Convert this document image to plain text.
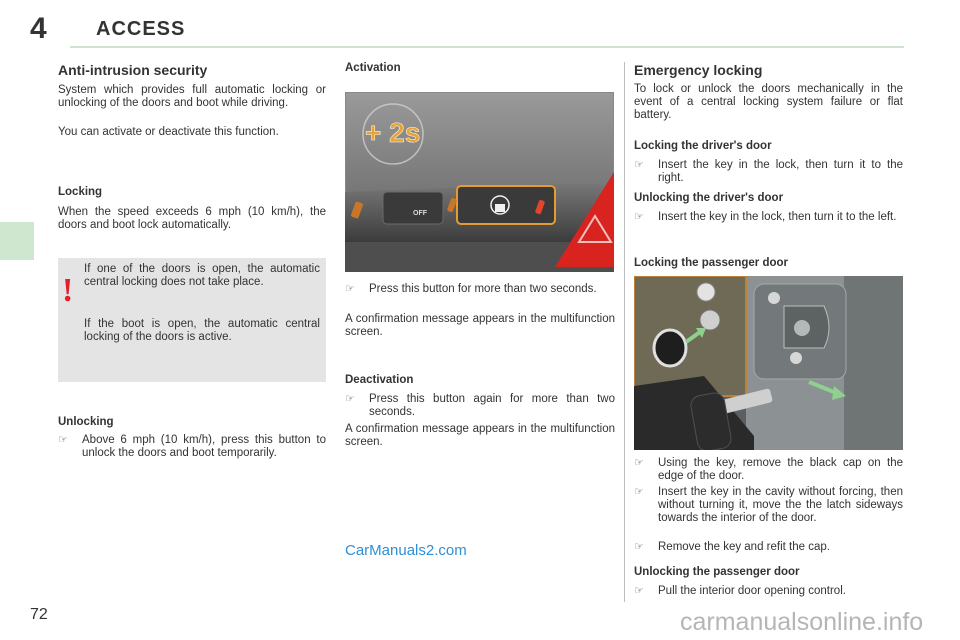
4 ACCESS
Anti-intrusion security
System which provides full automatic locking or unlocking of the doors and boot while driving.
You can activate or deactivate this function.
Locking
When the speed exceeds 6 mph (10 km/h), the doors and boot lock automatically.
!
If one of the doors is open, the automatic central locking does not take place.
If the boot is open, the automatic central locking of the doors is active.
Unlocking
☞ Above 6 mph (10 km/h), press this button to unlock the doors and boot temporarily.
Activation
OFF
+ 2s
☞ Press this button for more than two seconds.
A confirmation message appears in the multifunction screen.
Deactivation
☞ Press this button again for more than two seconds.
A confirmation message appears in the multifunction screen.
Emergency locking
To lock or unlock the doors mechanically in the event of a central locking system failure or flat battery.
Locking the driver's door
☞ Insert the key in the lock, then turn it to the right.
Unlocking the driver's door
☞ Insert the key in the lock, then turn it to the left.
Locking the passenger door
☞ Using the key, remove the black cap on the edge of the door.
☞ Insert the key in the cavity without forcing, then without turning it, move the the latch sideways towards the interior of the door.
☞ Remove the key and refit the cap.
Unlocking the passenger door
☞ Pull the interior door opening control.
72
CarManuals2.com
carmanualsonline.info
